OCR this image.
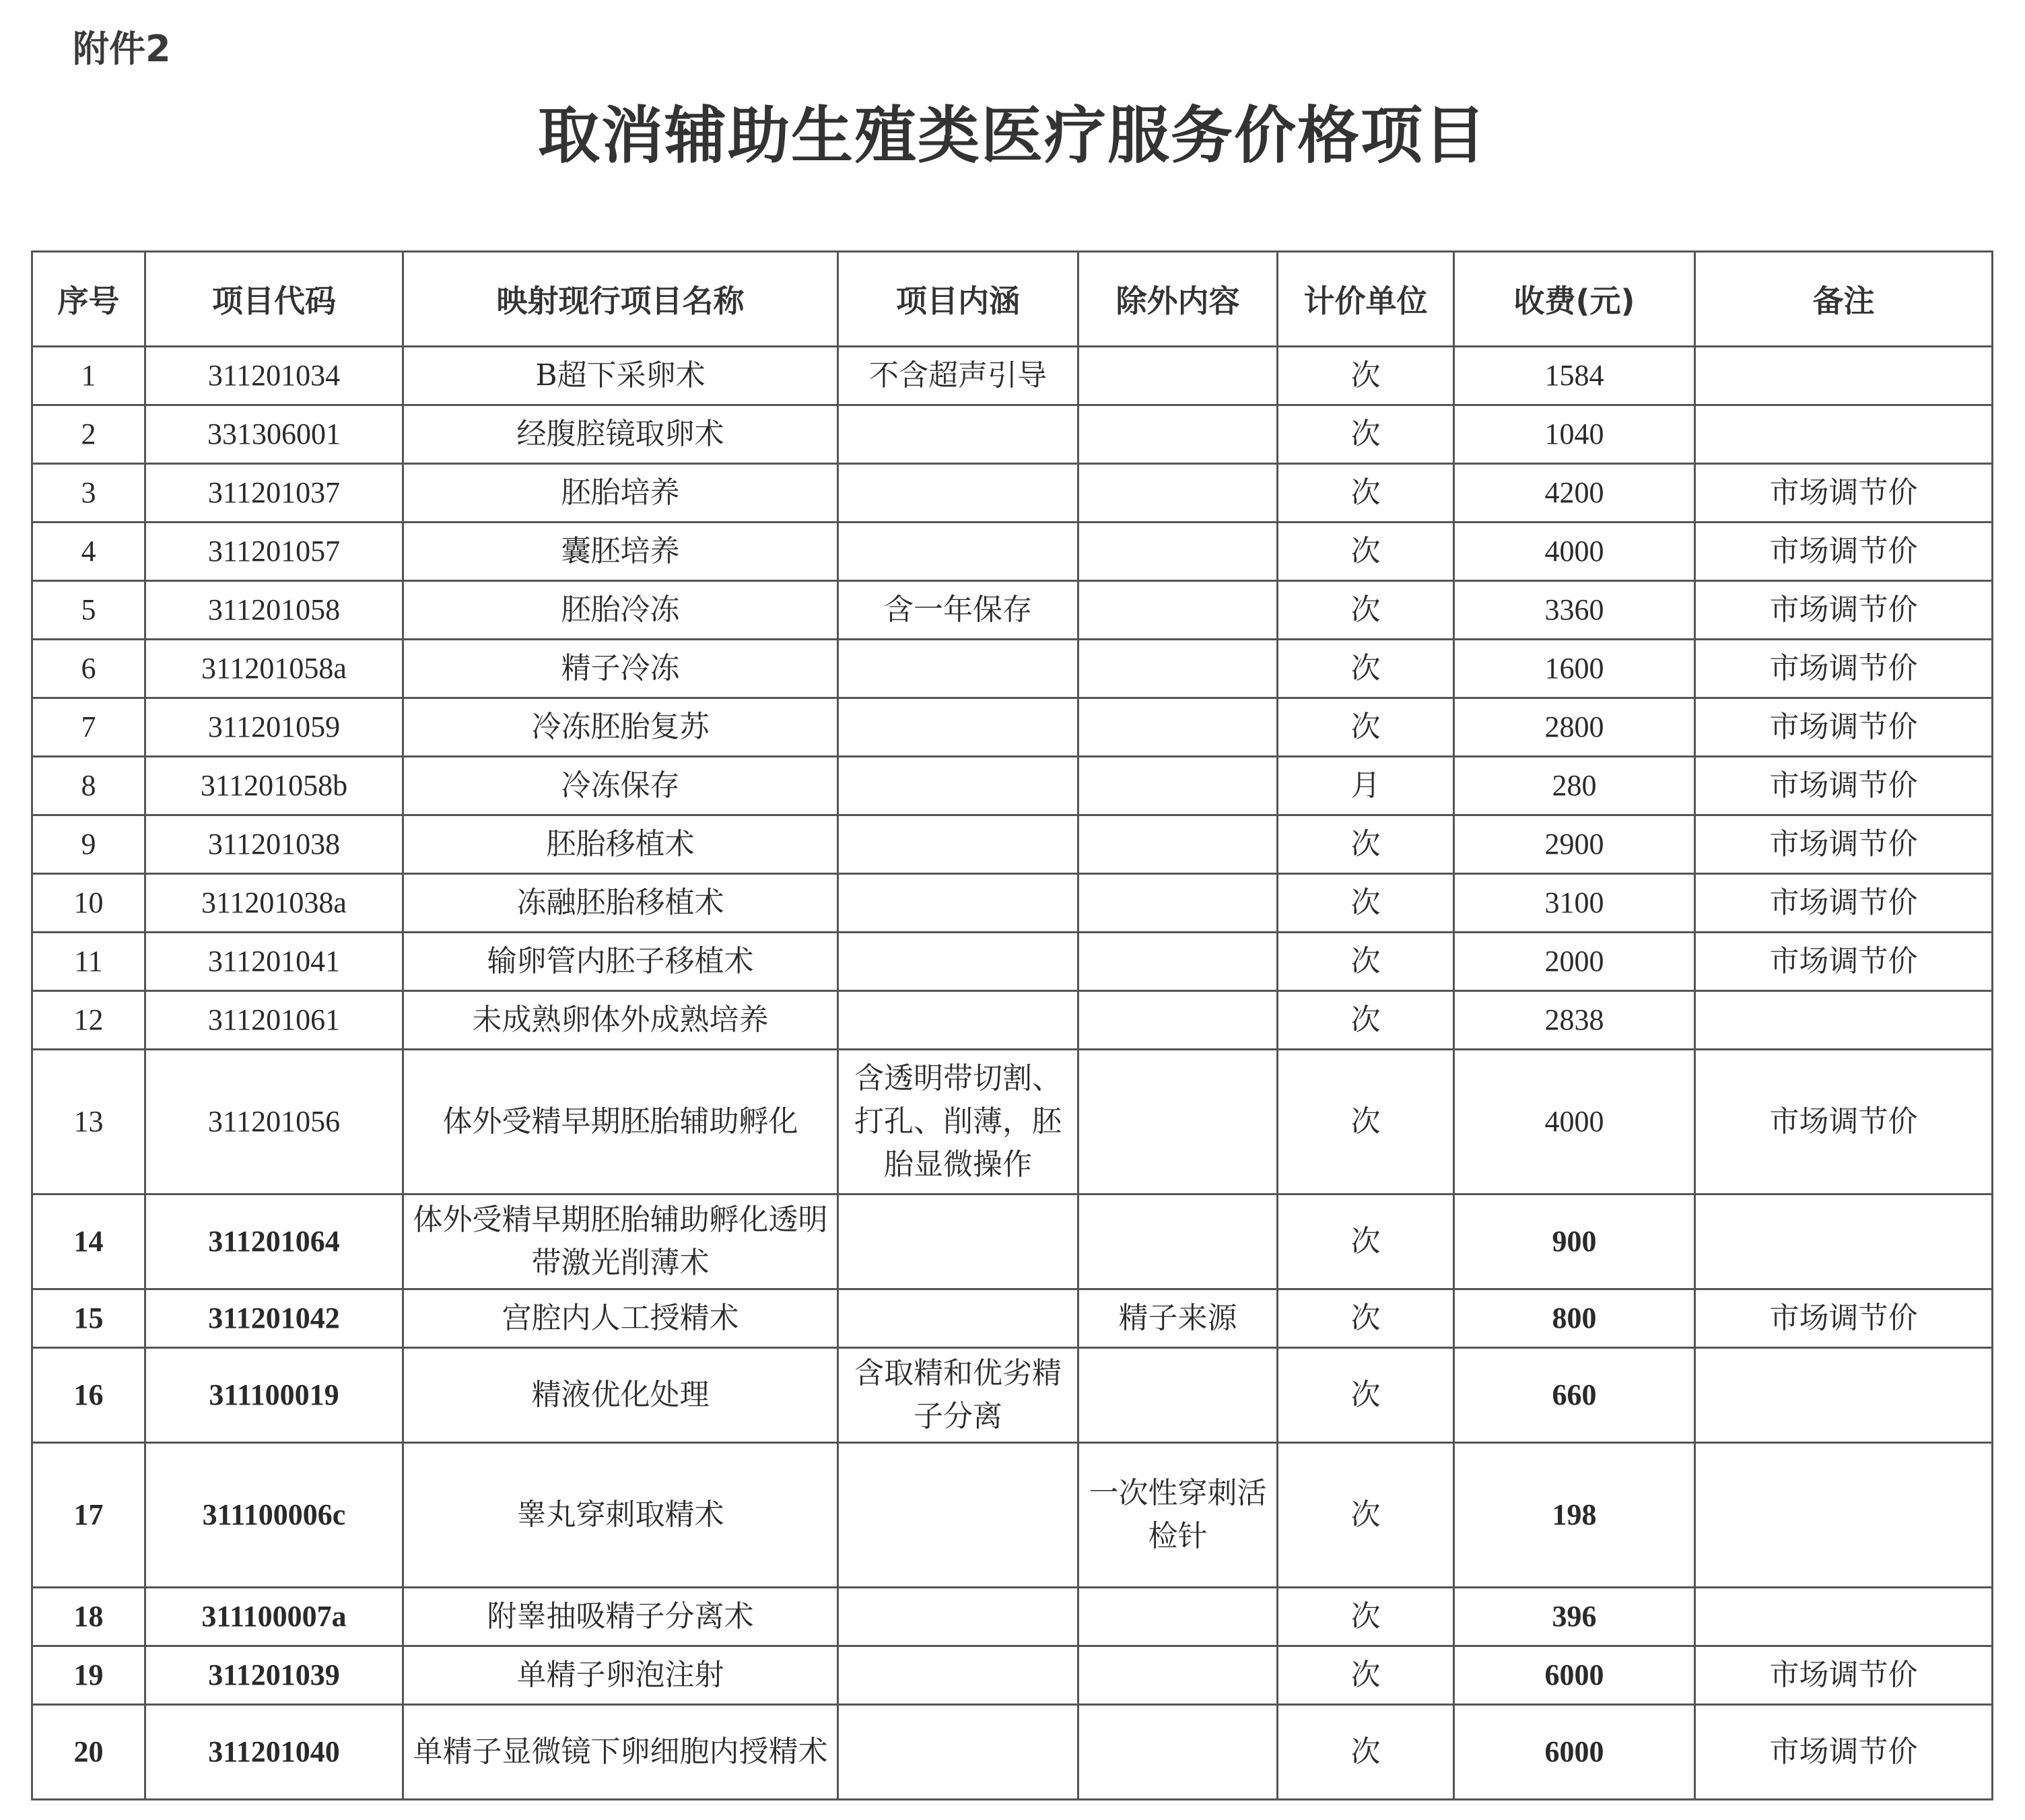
附件2
取消辅助生殖类医疗服务价格项目
序号	项目代码	映射现行项目名称	项目内涵	除外内容	计价单位	收费(元)	备注
1	311201034	B超下采卵术	不含超声引导		次	1584	
2	331306001	经腹腔镜取卵术			次	1040	
3	311201037	胚胎培养			次	4200	市场调节价
4	311201057	囊胚培养			次	4000	市场调节价
5	311201058	胚胎冷冻	含一年保存		次	3360	市场调节价
6	311201058a	精子冷冻			次	1600	市场调节价
7	311201059	冷冻胚胎复苏			次	2800	市场调节价
8	311201058b	冷冻保存			月	280	市场调节价
9	311201038	胚胎移植术			次	2900	市场调节价
10	311201038a	冻融胚胎移植术			次	3100	市场调节价
11	311201041	输卵管内胚子移植术			次	2000	市场调节价
12	311201061	未成熟卵体外成熟培养			次	2838	
13	311201056	体外受精早期胚胎辅助孵化	含透明带切割、打孔、削薄，胚胎显微操作		次	4000	市场调节价
14	311201064	体外受精早期胚胎辅助孵化透明带激光削薄术			次	900	
15	311201042	宫腔内人工授精术		精子来源	次	800	市场调节价
16	311100019	精液优化处理	含取精和优劣精子分离		次	660	
17	311100006c	睾丸穿刺取精术		一次性穿刺活检针	次	198	
18	311100007a	附睾抽吸精子分离术			次	396	
19	311201039	单精子卵泡注射			次	6000	市场调节价
20	311201040	单精子显微镜下卵细胞内授精术			次	6000	市场调节价
